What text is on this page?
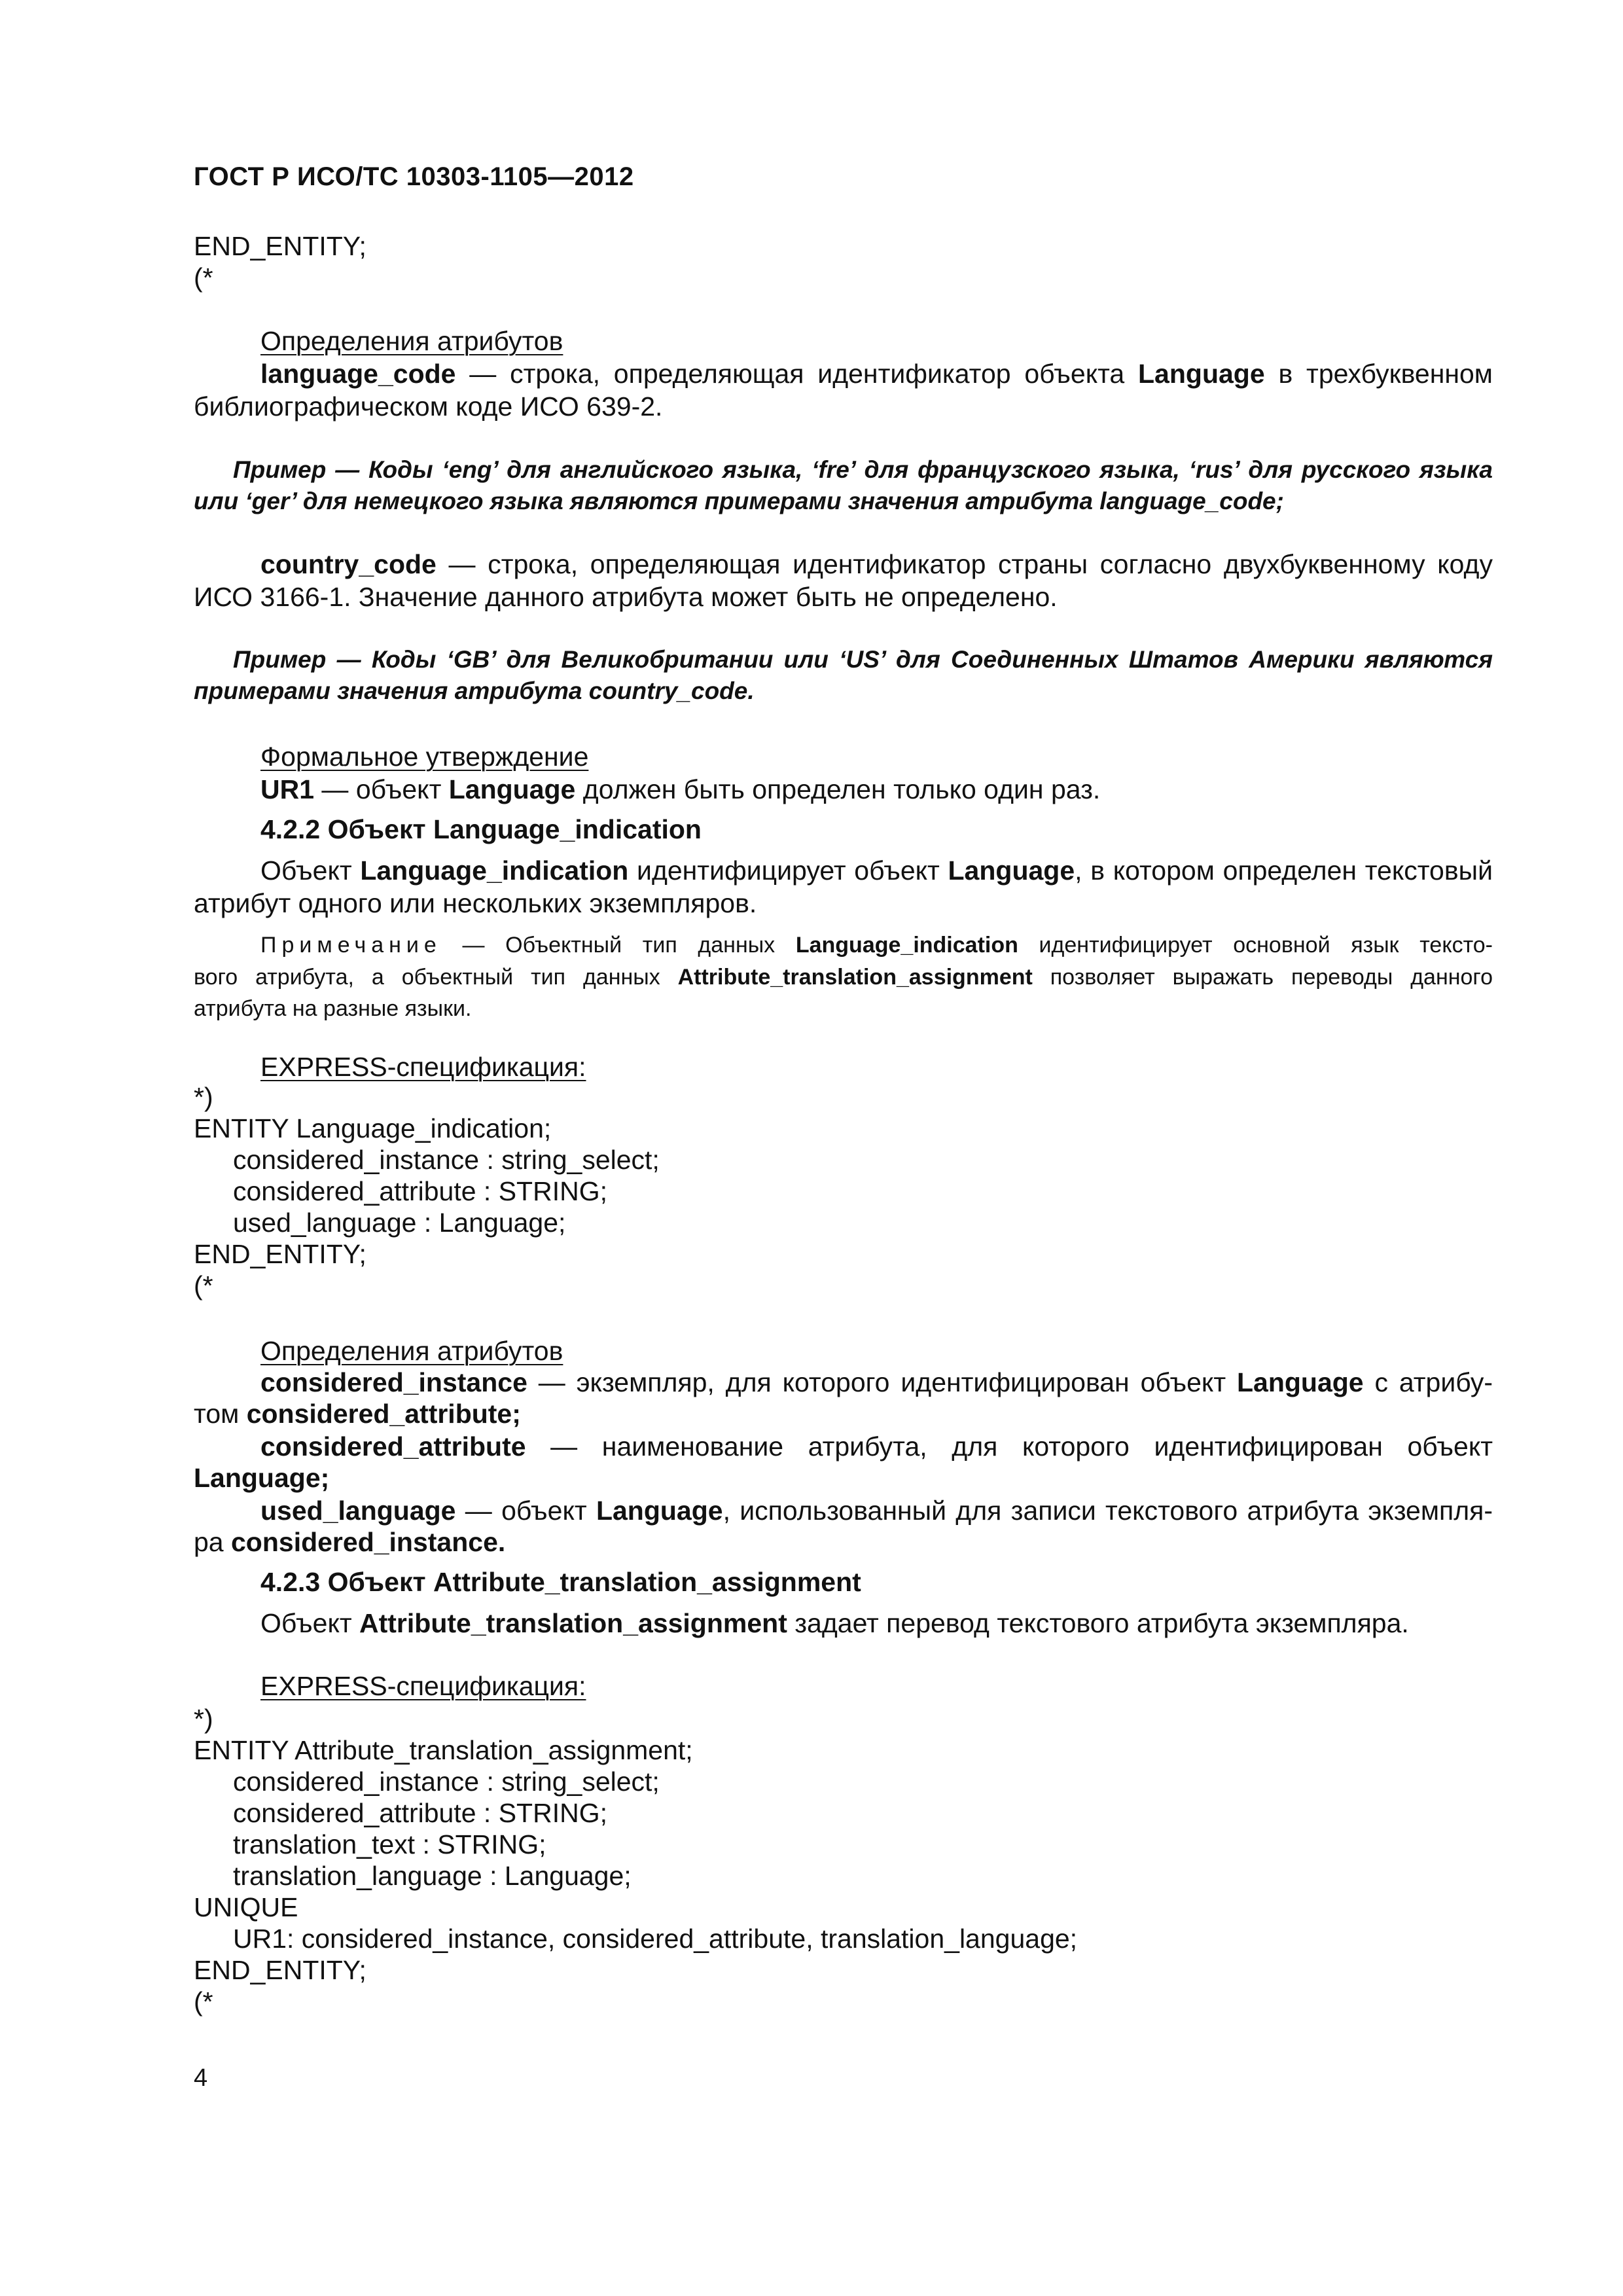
ГОСТ Р ИСО/ТС 10303-1105—2012
END_ENTITY;
(*
Определения атрибутов
language_code — строка, определяющая идентификатор объекта Language в трехбуквенном
библиографическом коде ИСО 639-2.
Пример — Коды ‘eng’ для английского языка, ‘fre’ для французского языка, ‘rus’ для русского языка
или ‘ger’ для немецкого языка являются примерами значения атрибута language_code;
country_code — строка, определяющая идентификатор страны согласно двухбуквенному коду
ИСО 3166-1. Значение данного атрибута может быть не определено.
Пример — Коды ‘GB’ для Великобритании или ‘US’ для Соединенных Штатов Америки являются
примерами значения атрибута country_code.
Формальное утверждение
UR1 — объект Language должен быть определен только один раз.
4.2.2 Объект Language_indication
Объект Language_indication идентифицирует объект Language, в котором определен текстовый
атрибут одного или нескольких экземпляров.
Примечание — Объектный тип данных Language_indication идентифицирует основной язык тексто-
вого атрибута, а объектный тип данных Attribute_translation_assignment позволяет выражать переводы данного
атрибута на разные языки.
EXPRESS-спецификация:
*)
ENTITY Language_indication;
considered_instance : string_select;
considered_attribute : STRING;
used_language : Language;
END_ENTITY;
(*
Определения атрибутов
considered_instance — экземпляр, для которого идентифицирован объект Language с атрибу-
том considered_attribute;
considered_attribute — наименование атрибута, для которого идентифицирован объект
Language;
used_language — объект Language, использованный для записи текстового атрибута экземпля-
ра considered_instance.
4.2.3 Объект Attribute_translation_assignment
Объект Attribute_translation_assignment задает перевод текстового атрибута экземпляра.
EXPRESS-спецификация:
*)
ENTITY Attribute_translation_assignment;
considered_instance : string_select;
considered_attribute : STRING;
translation_text : STRING;
translation_language : Language;
UNIQUE
UR1: considered_instance, considered_attribute, translation_language;
END_ENTITY;
(*
4
